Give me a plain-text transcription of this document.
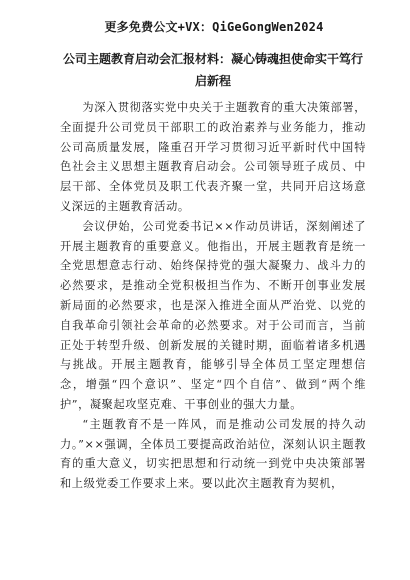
更多免费公文+VX：QiGeGongWen2024
公司主题教育启动会汇报材料：凝心铸魂担使命实干笃行启新程

为深入贯彻落实党中央关于主题教育的重大决策部署，全面提升公司党员干部职工的政治素养与业务能力，推动公司高质量发展，隆重召开学习贯彻习近平新时代中国特色社会主义思想主题教育启动会。公司领导班子成员、中层干部、全体党员及职工代表齐聚一堂，共同开启这场意义深远的主题教育活动。

会议伊始，公司党委书记××作动员讲话，深刻阐述了开展主题教育的重要意义。他指出，开展主题教育是统一全党思想意志行动、始终保持党的强大凝聚力、战斗力的必然要求，是推动全党积极担当作为、不断开创事业发展新局面的必然要求，也是深入推进全面从严治党、以党的自我革命引领社会革命的必然要求。对于公司而言，当前正处于转型升级、创新发展的关键时期，面临着诸多机遇与挑战。开展主题教育，能够引导全体员工坚定理想信念，增强“四个意识”、坚定“四个自信”、做到“两个维护”，凝聚起攻坚克难、干事创业的强大力量。

“主题教育不是一阵风，而是推动公司发展的持久动力。”××强调，全体员工要提高政治站位，深刻认识主题教育的重大意义，切实把思想和行动统一到党中央决策部署和上级党委工作要求上来。要以此次主题教育为契机，
